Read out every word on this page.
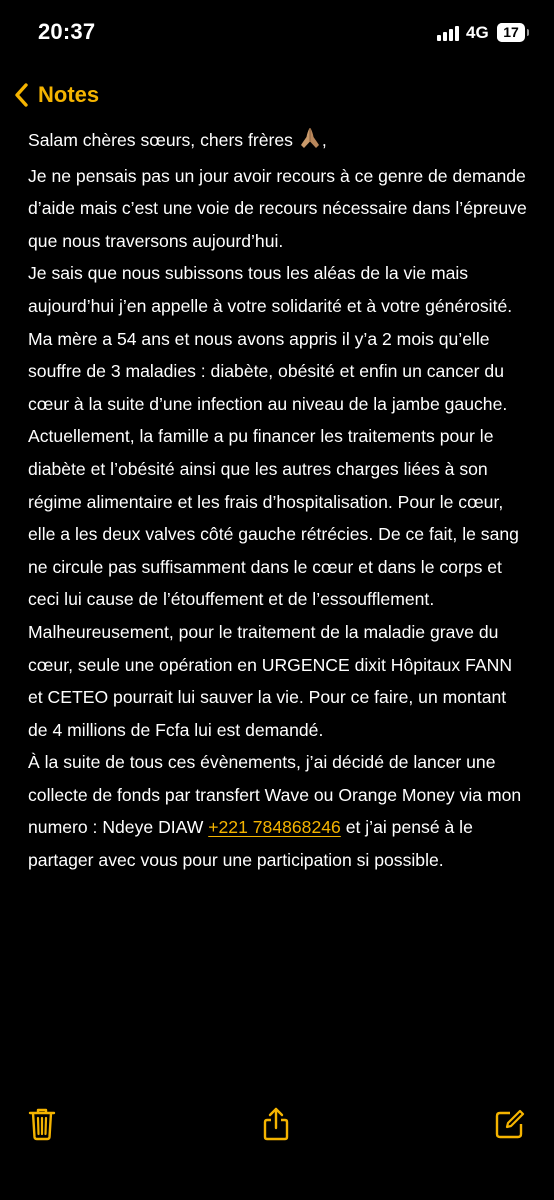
20:37	4G	17
Notes

Salam chères sœurs, chers frères ,

Je ne pensais pas un jour avoir recours à ce genre de demande d’aide mais c’est une voie de recours nécessaire dans l’épreuve que nous traversons aujourd’hui.

Je sais que nous subissons tous les aléas de la vie mais aujourd’hui j’en appelle à votre solidarité et à votre générosité.

Ma mère a 54 ans et nous avons appris il y’a 2 mois qu’elle souffre de 3 maladies : diabète, obésité et enfin un cancer du cœur à la suite d’une infection au niveau de la jambe gauche.

Actuellement, la famille a pu financer les traitements pour le diabète et l’obésité ainsi que les autres charges liées à son régime alimentaire et les frais d’hospitalisation. Pour le cœur, elle a les deux valves côté gauche rétrécies. De ce fait, le sang ne circule pas suffisamment dans le cœur et dans le corps et ceci lui cause de l’étouffement et de l’essoufflement.

Malheureusement, pour le traitement de la maladie grave du cœur, seule une opération en URGENCE dixit Hôpitaux FANN et CETEO pourrait lui sauver la vie. Pour ce faire, un montant de 4 millions de Fcfa lui est demandé.

À la suite de tous ces évènements, j’ai décidé de lancer une collecte de fonds par transfert Wave ou Orange Money via mon numero : Ndeye DIAW +221 784868246 et j’ai pensé à le partager avec vous pour une participation si possible.
